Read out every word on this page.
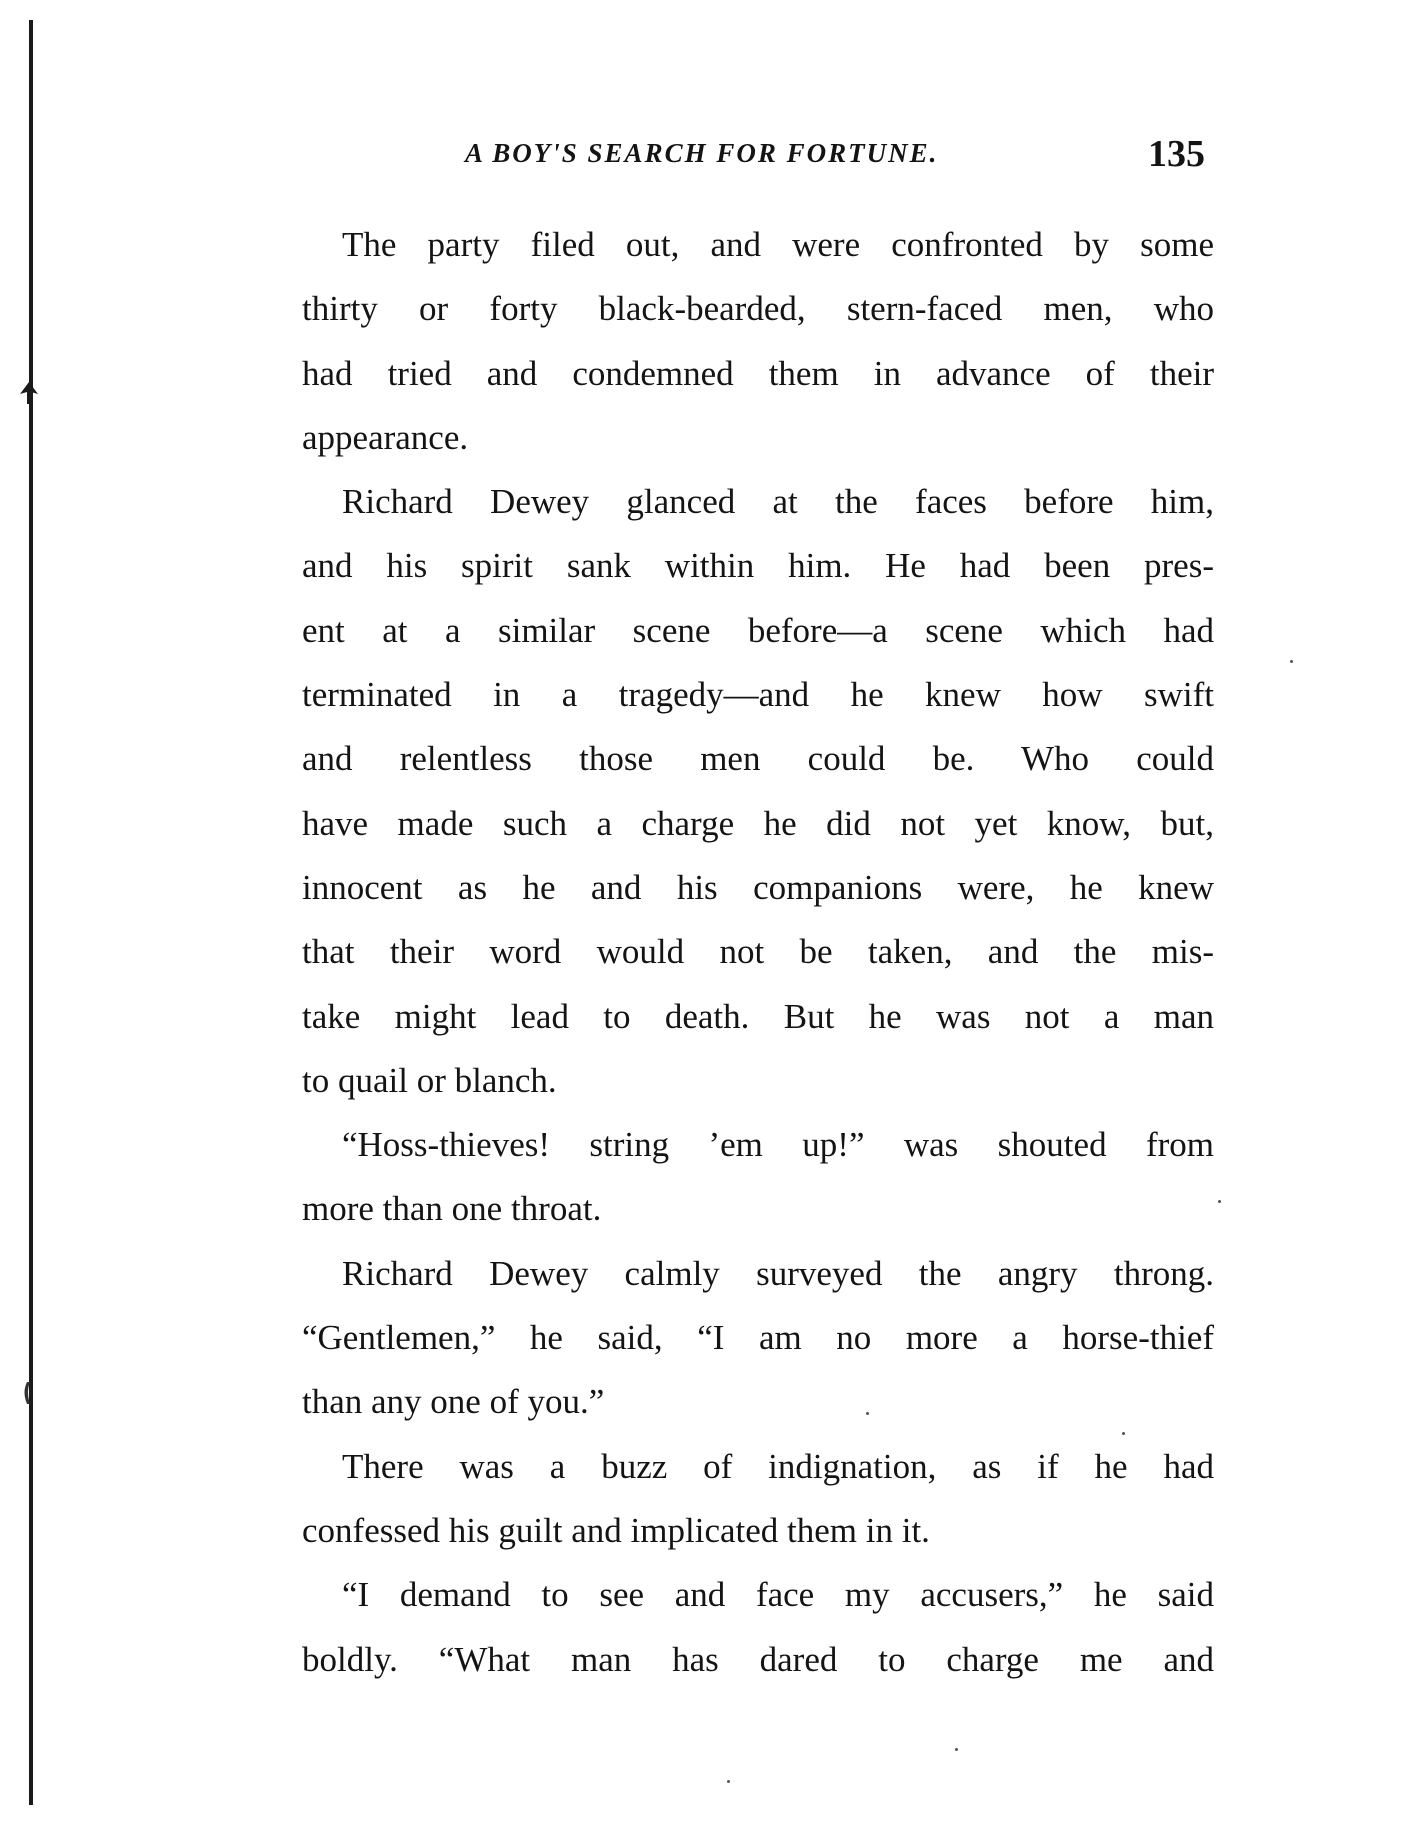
A BOY'S SEARCH FOR FORTUNE.	135
The party filed out, and were confronted by some
thirty or forty black-bearded, stern-faced men, who
had tried and condemned them in advance of their
appearance.
Richard Dewey glanced at the faces before him,
and his spirit sank within him. He had been pres-
ent at a similar scene before—a scene which had
terminated in a tragedy—and he knew how swift
and relentless those men could be. Who could
have made such a charge he did not yet know, but,
innocent as he and his companions were, he knew
that their word would not be taken, and the mis-
take might lead to death. But he was not a man
to quail or blanch.
“Hoss-thieves! string ’em up!” was shouted from
more than one throat.
Richard Dewey calmly surveyed the angry throng.
“Gentlemen,” he said, “I am no more a horse-thief
than any one of you.”
There was a buzz of indignation, as if he had
confessed his guilt and implicated them in it.
“I demand to see and face my accusers,” he said
boldly. “What man has dared to charge me and
